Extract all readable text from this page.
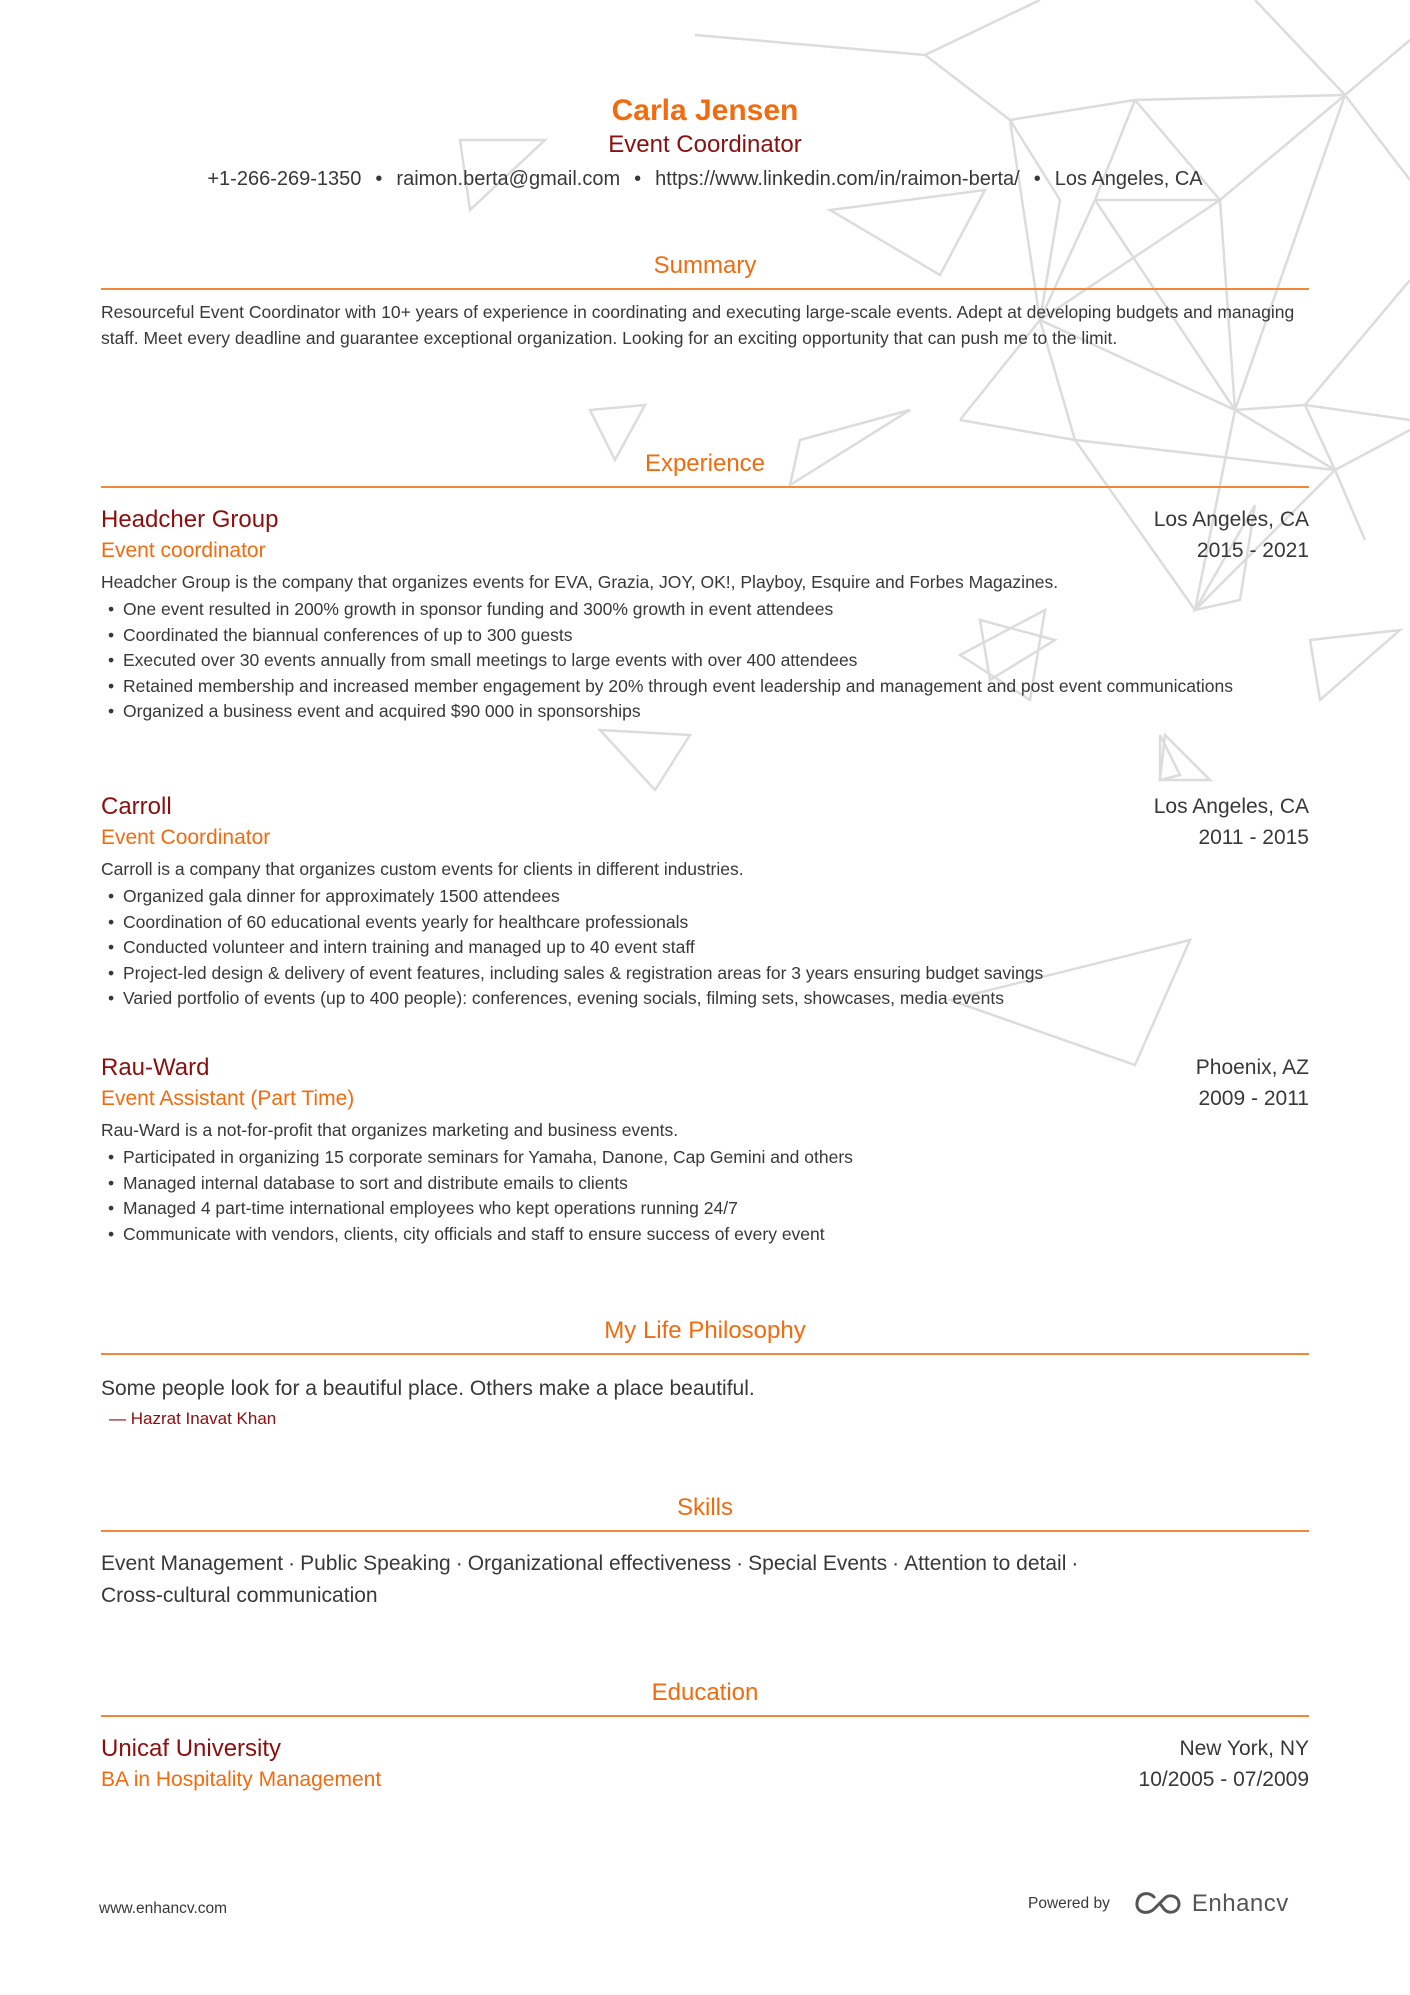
Carla Jensen
Event Coordinator
+1-266-269-1350 • raimon.berta@gmail.com • https://www.linkedin.com/in/raimon-berta/ • Los Angeles, CA
Summary
Resourceful Event Coordinator with 10+ years of experience in coordinating and executing large-scale events. Adept at developing budgets and managing staff. Meet every deadline and guarantee exceptional organization. Looking for an exciting opportunity that can push me to the limit.
Experience
Headcher Group	Los Angeles, CA
Event coordinator	2015 - 2021
Headcher Group is the company that organizes events for EVA, Grazia, JOY, OK!, Playboy, Esquire and Forbes Magazines.
• One event resulted in 200% growth in sponsor funding and 300% growth in event attendees
• Coordinated the biannual conferences of up to 300 guests
• Executed over 30 events annually from small meetings to large events with over 400 attendees
• Retained membership and increased member engagement by 20% through event leadership and management and post event communications
• Organized a business event and acquired $90 000 in sponsorships
Carroll	Los Angeles, CA
Event Coordinator	2011 - 2015
Carroll is a company that organizes custom events for clients in different industries.
• Organized gala dinner for approximately 1500 attendees
• Coordination of 60 educational events yearly for healthcare professionals
• Conducted volunteer and intern training and managed up to 40 event staff
• Project-led design & delivery of event features, including sales & registration areas for 3 years ensuring budget savings
• Varied portfolio of events (up to 400 people): conferences, evening socials, filming sets, showcases, media events
Rau-Ward	Phoenix, AZ
Event Assistant (Part Time)	2009 - 2011
Rau-Ward is a not-for-profit that organizes marketing and business events.
• Participated in organizing 15 corporate seminars for Yamaha, Danone, Cap Gemini and others
• Managed internal database to sort and distribute emails to clients
• Managed 4 part-time international employees who kept operations running 24/7
• Communicate with vendors, clients, city officials and staff to ensure success of every event
My Life Philosophy
Some people look for a beautiful place. Others make a place beautiful.
— Hazrat Inavat Khan
Skills
Event Management · Public Speaking · Organizational effectiveness · Special Events · Attention to detail ·
Cross-cultural communication
Education
Unicaf University	New York, NY
BA in Hospitality Management	10/2005 - 07/2009
www.enhancv.com	Powered by	Enhancv
